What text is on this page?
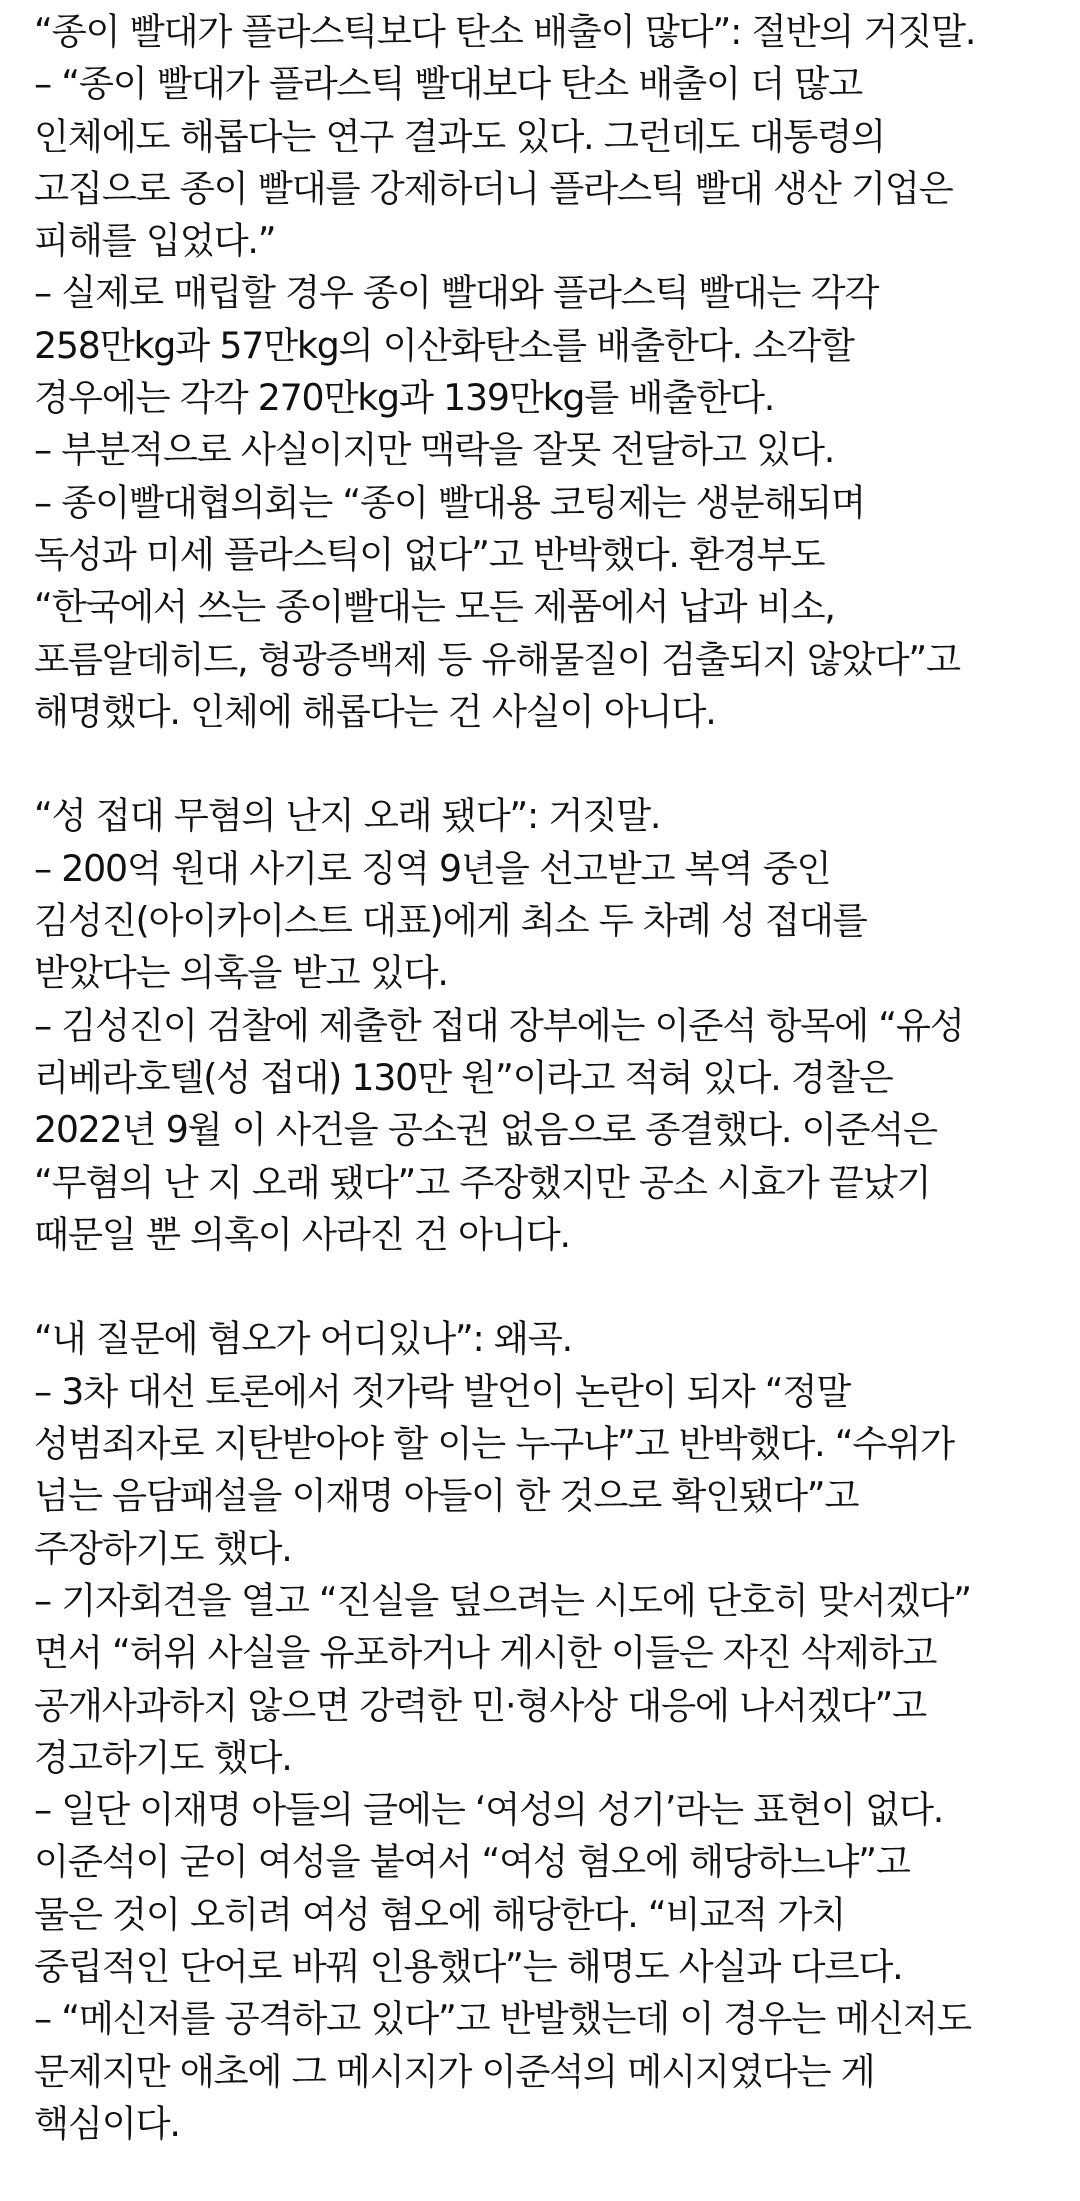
“종이 빨대가 플라스틱보다 탄소 배출이 많다”: 절반의 거짓말.
– “종이 빨대가 플라스틱 빨대보다 탄소 배출이 더 많고
인체에도 해롭다는 연구 결과도 있다. 그런데도 대통령의
고집으로 종이 빨대를 강제하더니 플라스틱 빨대 생산 기업은
피해를 입었다.”
– 실제로 매립할 경우 종이 빨대와 플라스틱 빨대는 각각
258만kg과 57만kg의 이산화탄소를 배출한다. 소각할
경우에는 각각 270만kg과 139만kg를 배출한다.
– 부분적으로 사실이지만 맥락을 잘못 전달하고 있다.
– 종이빨대협의회는 “종이 빨대용 코팅제는 생분해되며
독성과 미세 플라스틱이 없다”고 반박했다. 환경부도
“한국에서 쓰는 종이빨대는 모든 제품에서 납과 비소,
포름알데히드, 형광증백제 등 유해물질이 검출되지 않았다”고
해명했다. 인체에 해롭다는 건 사실이 아니다.
“성 접대 무혐의 난지 오래 됐다”: 거짓말.
– 200억 원대 사기로 징역 9년을 선고받고 복역 중인
김성진(아이카이스트 대표)에게 최소 두 차례 성 접대를
받았다는 의혹을 받고 있다.
– 김성진이 검찰에 제출한 접대 장부에는 이준석 항목에 “유성
리베라호텔(성 접대) 130만 원”이라고 적혀 있다. 경찰은
2022년 9월 이 사건을 공소권 없음으로 종결했다. 이준석은
“무혐의 난 지 오래 됐다”고 주장했지만 공소 시효가 끝났기
때문일 뿐 의혹이 사라진 건 아니다.
“내 질문에 혐오가 어디있나”: 왜곡.
– 3차 대선 토론에서 젓가락 발언이 논란이 되자 “정말
성범죄자로 지탄받아야 할 이는 누구냐”고 반박했다. “수위가
넘는 음담패설을 이재명 아들이 한 것으로 확인됐다”고
주장하기도 했다.
– 기자회견을 열고 “진실을 덮으려는 시도에 단호히 맞서겠다”
면서 “허위 사실을 유포하거나 게시한 이들은 자진 삭제하고
공개사과하지 않으면 강력한 민·형사상 대응에 나서겠다”고
경고하기도 했다.
– 일단 이재명 아들의 글에는 ‘여성의 성기’라는 표현이 없다.
이준석이 굳이 여성을 붙여서 “여성 혐오에 해당하느냐”고
물은 것이 오히려 여성 혐오에 해당한다. “비교적 가치
중립적인 단어로 바꿔 인용했다”는 해명도 사실과 다르다.
– “메신저를 공격하고 있다”고 반발했는데 이 경우는 메신저도
문제지만 애초에 그 메시지가 이준석의 메시지였다는 게
핵심이다.
